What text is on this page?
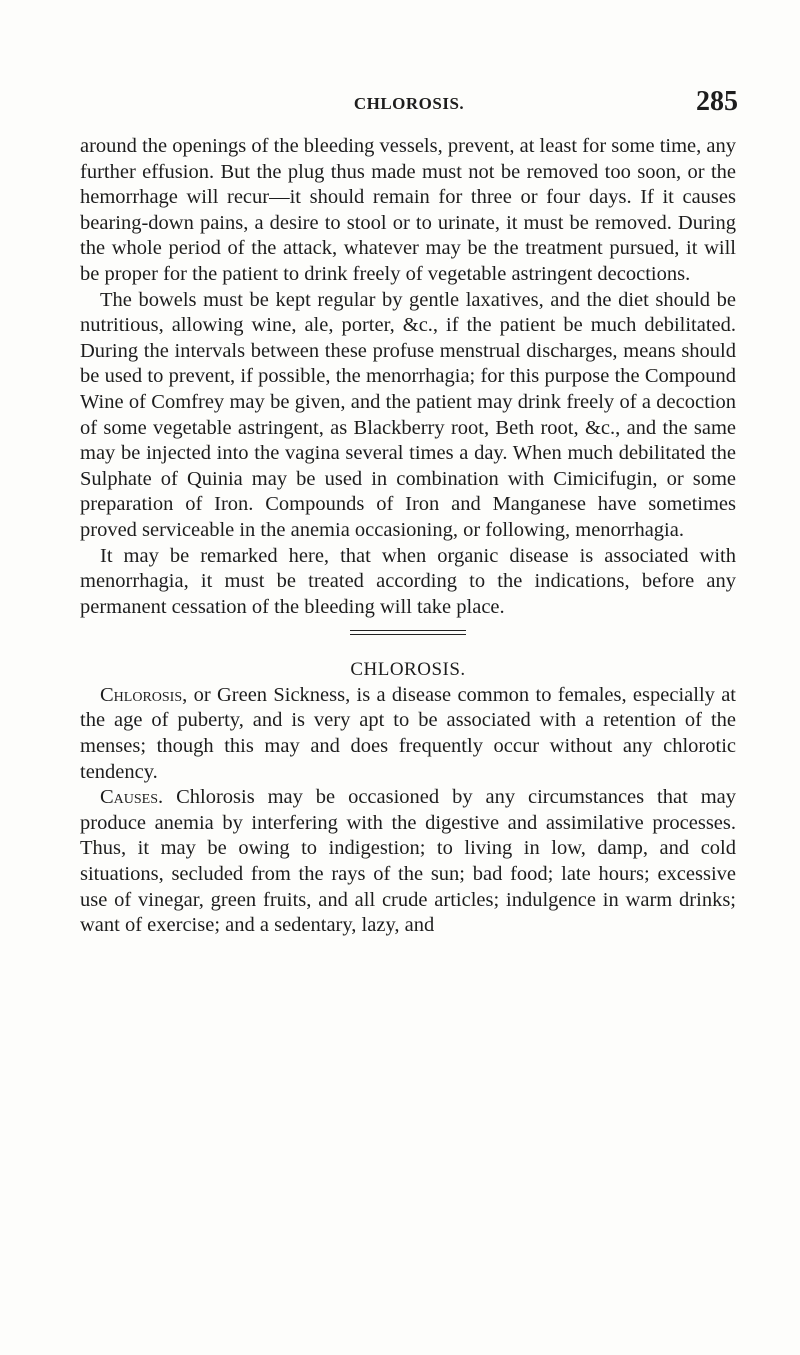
CHLOROSIS.	285

around the openings of the bleeding vessels, prevent, at least for some time, any further effusion. But the plug thus made must not be removed too soon, or the hemorrhage will recur—it should remain for three or four days. If it causes bearing-down pains, a desire to stool or to urinate, it must be removed. During the whole period of the attack, whatever may be the treatment pursued, it will be proper for the patient to drink freely of vegetable astringent decoctions.

The bowels must be kept regular by gentle laxatives, and the diet should be nutritious, allowing wine, ale, porter, &c., if the patient be much debilitated. During the intervals between these profuse menstrual discharges, means should be used to prevent, if possible, the menorrhagia; for this purpose the Compound Wine of Comfrey may be given, and the patient may drink freely of a decoction of some vegetable astringent, as Blackberry root, Beth root, &c., and the same may be injected into the vagina several times a day. When much debilitated the Sulphate of Quinia may be used in combination with Cimicifugin, or some preparation of Iron. Compounds of Iron and Manganese have sometimes proved serviceable in the anemia occasioning, or following, menorrhagia.

It may be remarked here, that when organic disease is associated with menorrhagia, it must be treated according to the indications, before any permanent cessation of the bleeding will take place.

CHLOROSIS.

Chlorosis, or Green Sickness, is a disease common to females, especially at the age of puberty, and is very apt to be associated with a retention of the menses; though this may and does frequently occur without any chlorotic tendency.

Causes. Chlorosis may be occasioned by any circumstances that may produce anemia by interfering with the digestive and assimilative processes. Thus, it may be owing to indigestion; to living in low, damp, and cold situations, secluded from the rays of the sun; bad food; late hours; excessive use of vinegar, green fruits, and all crude articles; indulgence in warm drinks; want of exercise; and a sedentary, lazy, and
